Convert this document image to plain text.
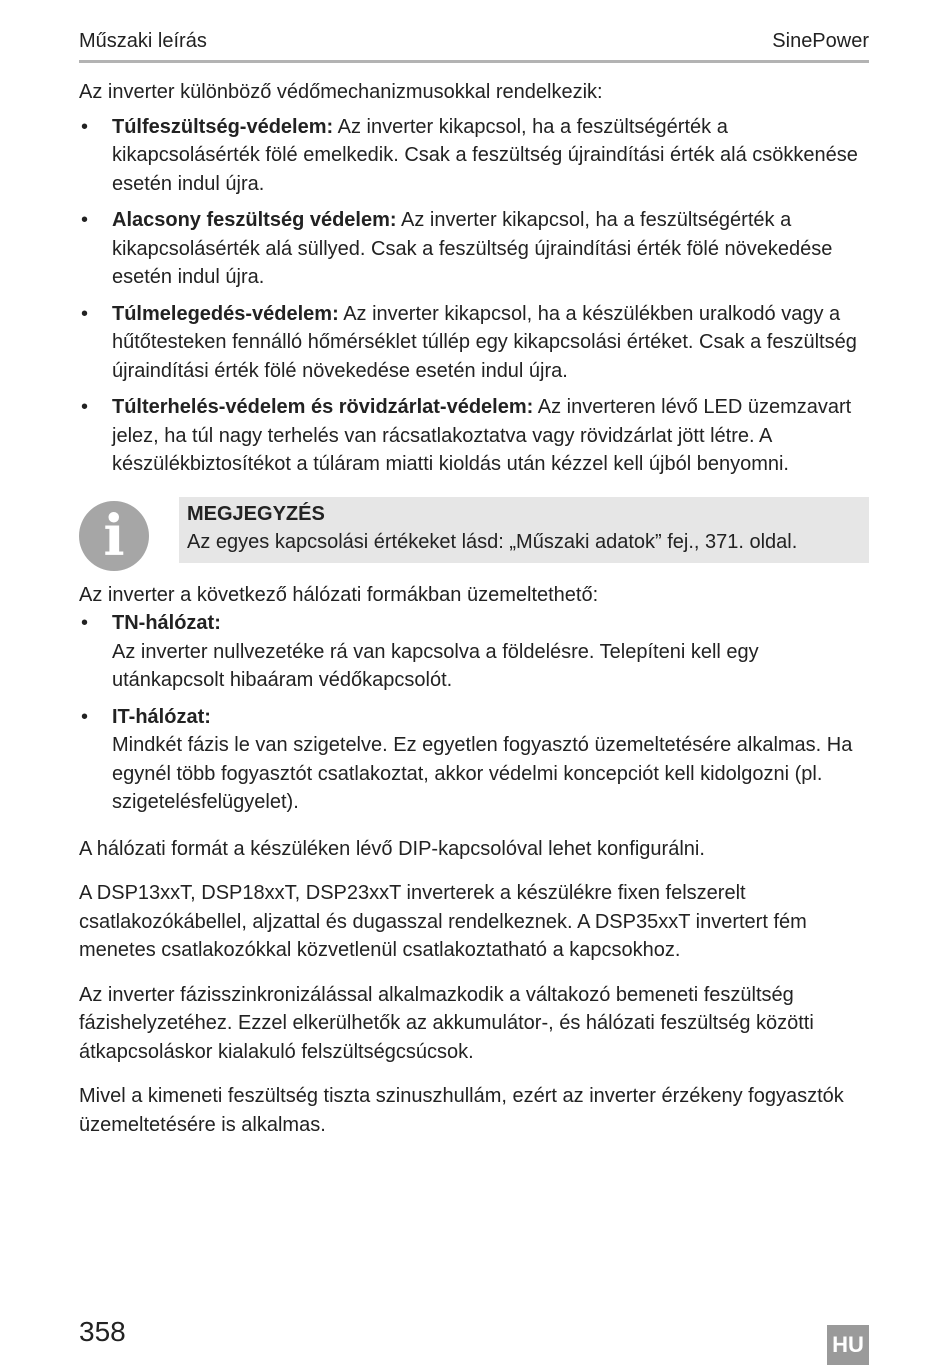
Műszaki leírás	SinePower

Az inverter különböző védőmechanizmusokkal rendelkezik:

• Túlfeszültség-védelem: Az inverter kikapcsol, ha a feszültségérték a kikapcsolásérték fölé emelkedik. Csak a feszültség újraindítási érték alá csökkenése esetén indul újra.
• Alacsony feszültség védelem: Az inverter kikapcsol, ha a feszültségérték a kikapcsolásérték alá süllyed. Csak a feszültség újraindítási érték fölé növekedése esetén indul újra.
• Túlmelegedés-védelem: Az inverter kikapcsol, ha a készülékben uralkodó vagy a hűtőtesteken fennálló hőmérséklet túllép egy kikapcsolási értéket. Csak a feszültség újraindítási érték fölé növekedése esetén indul újra.
• Túlterhelés-védelem és rövidzárlat-védelem: Az inverteren lévő LED üzemzavart jelez, ha túl nagy terhelés van rácsatlakoztatva vagy rövidzárlat jött létre. A készülékbiztosítékot a túláram miatti kioldás után kézzel kell újból benyomni.
i	MEGJEGYZÉS

Az egyes kapcsolási értékeket lásd: „Műszaki adatok” fej., 371. oldal.

Az inverter a következő hálózati formákban üzemeltethető:

• TN-hálózat:
Az inverter nullvezetéke rá van kapcsolva a földelésre. Telepíteni kell egy utánkapcsolt hibaáram védőkapcsolót.
• IT-hálózat:
Mindkét fázis le van szigetelve. Ez egyetlen fogyasztó üzemeltetésére alkalmas. Ha egynél több fogyasztót csatlakoztat, akkor védelmi koncepciót kell kidolgozni (pl. szigetelésfelügyelet).

A hálózati formát a készüléken lévő DIP-kapcsolóval lehet konfigurálni.

A DSP13xxT, DSP18xxT, DSP23xxT inverterek a készülékre fixen felszerelt csatlakozókábellel, aljzattal és dugasszal rendelkeznek. A DSP35xxT invertert fém menetes csatlakozókkal közvetlenül csatlakoztatható a kapcsokhoz.

Az inverter fázisszinkronizálással alkalmazkodik a váltakozó bemeneti feszültség fázishelyzetéhez. Ezzel elkerülhetők az akkumulátor-, és hálózati feszültség közötti átkapcsoláskor kialakuló felszültségcsúcsok.

Mivel a kimeneti feszültség tiszta szinuszhullám, ezért az inverter érzékeny fogyasztók üzemeltetésére is alkalmas.

358	HU
